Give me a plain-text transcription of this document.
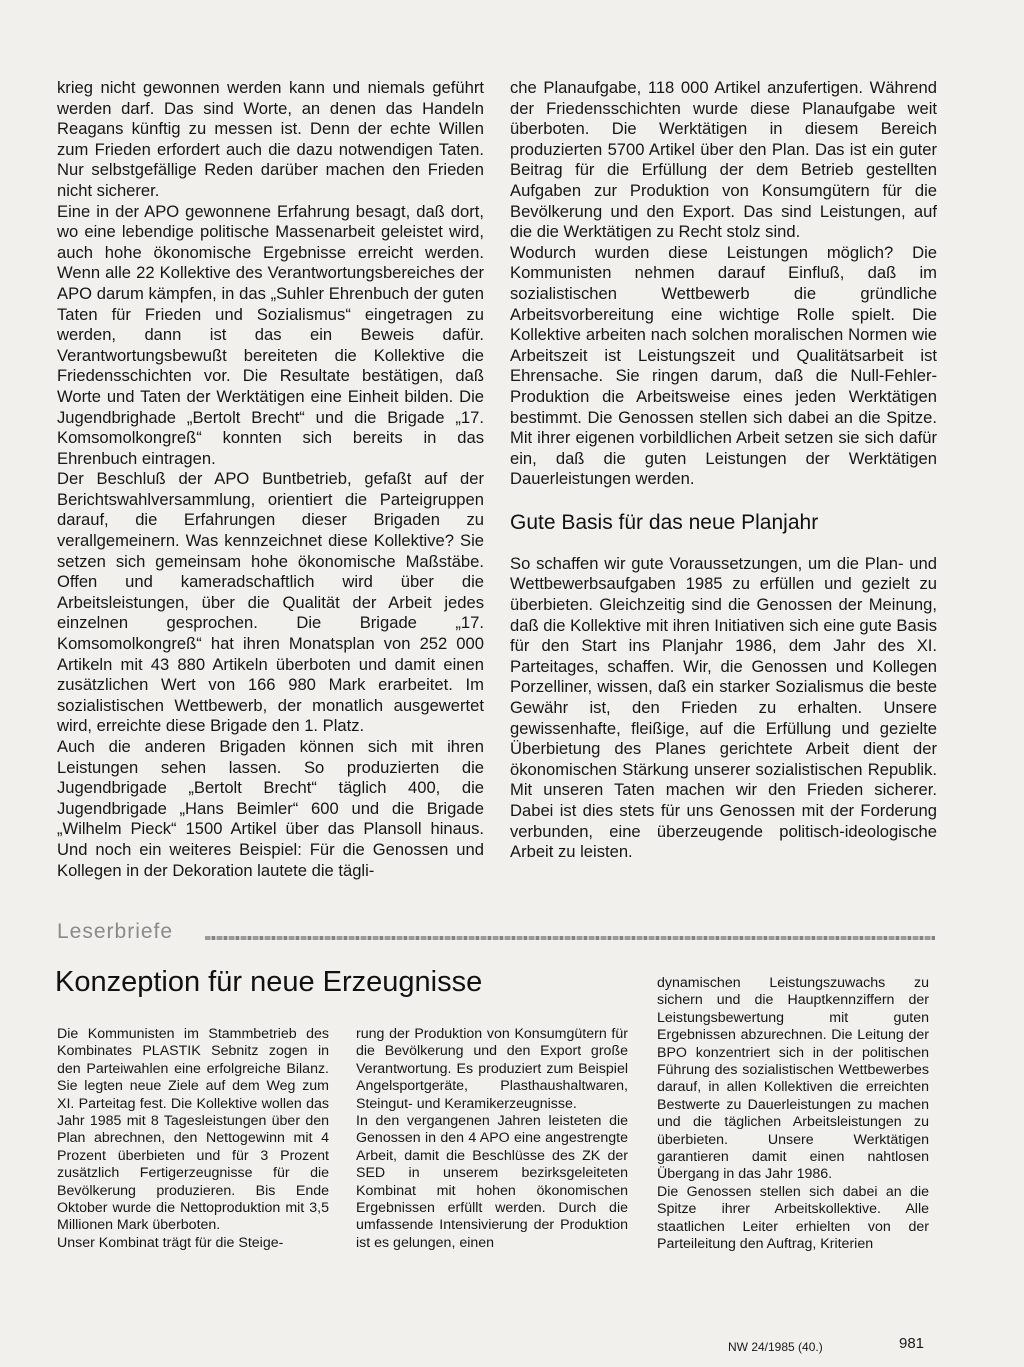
krieg nicht gewonnen werden kann und niemals geführt werden darf. Das sind Worte, an denen das Handeln Reagans künftig zu messen ist. Denn der echte Willen zum Frieden erfordert auch die dazu notwendigen Taten. Nur selbstgefällige Reden darüber machen den Frieden nicht sicherer.

Eine in der APO gewonnene Erfahrung besagt, daß dort, wo eine lebendige politische Massenarbeit geleistet wird, auch hohe ökonomische Ergebnisse erreicht werden. Wenn alle 22 Kollektive des Verantwortungsbereiches der APO darum kämpfen, in das „Suhler Ehrenbuch der guten Taten für Frieden und Sozialismus“ eingetragen zu werden, dann ist das ein Beweis dafür. Verantwortungsbewußt bereiteten die Kollektive die Friedensschichten vor. Die Resultate bestätigen, daß Worte und Taten der Werktätigen eine Einheit bilden. Die Jugendbrighade „Bertolt Brecht“ und die Brigade „17. Komsomolkongreß“ konnten sich bereits in das Ehrenbuch eintragen.

Der Beschluß der APO Buntbetrieb, gefaßt auf der Berichtswahlversammlung, orientiert die Parteigruppen darauf, die Erfahrungen dieser Brigaden zu verallgemeinern. Was kennzeichnet diese Kollektive? Sie setzen sich gemeinsam hohe ökonomische Maßstäbe. Offen und kameradschaftlich wird über die Arbeitsleistungen, über die Qualität der Arbeit jedes einzelnen gesprochen. Die Brigade „17. Komsomolkongreß“ hat ihren Monatsplan von 252 000 Artikeln mit 43 880 Artikeln überboten und damit einen zusätzlichen Wert von 166 980 Mark erarbeitet. Im sozialistischen Wettbewerb, der monatlich ausgewertet wird, erreichte diese Brigade den 1. Platz.

Auch die anderen Brigaden können sich mit ihren Leistungen sehen lassen. So produzierten die Jugendbrigade „Bertolt Brecht“ täglich 400, die Jugendbrigade „Hans Beimler“ 600 und die Brigade „Wilhelm Pieck“ 1500 Artikel über das Plansoll hinaus. Und noch ein weiteres Beispiel: Für die Genossen und Kollegen in der Dekoration lautete die tägli-

che Planaufgabe, 118 000 Artikel anzufertigen. Während der Friedensschichten wurde diese Planaufgabe weit überboten. Die Werktätigen in diesem Bereich produzierten 5700 Artikel über den Plan. Das ist ein guter Beitrag für die Erfüllung der dem Betrieb gestellten Aufgaben zur Produktion von Konsumgütern für die Bevölkerung und den Export. Das sind Leistungen, auf die die Werktätigen zu Recht stolz sind.

Wodurch wurden diese Leistungen möglich? Die Kommunisten nehmen darauf Einfluß, daß im sozialistischen Wettbewerb die gründliche Arbeitsvorbereitung eine wichtige Rolle spielt. Die Kollektive arbeiten nach solchen moralischen Normen wie Arbeitszeit ist Leistungszeit und Qualitätsarbeit ist Ehrensache. Sie ringen darum, daß die Null-Fehler-Produktion die Arbeitsweise eines jeden Werktätigen bestimmt. Die Genossen stellen sich dabei an die Spitze. Mit ihrer eigenen vorbildlichen Arbeit setzen sie sich dafür ein, daß die guten Leistungen der Werktätigen Dauerleistungen werden.

Gute Basis für das neue Planjahr

So schaffen wir gute Voraussetzungen, um die Plan- und Wettbewerbsaufgaben 1985 zu erfüllen und gezielt zu überbieten. Gleichzeitig sind die Genossen der Meinung, daß die Kollektive mit ihren Initiativen sich eine gute Basis für den Start ins Planjahr 1986, dem Jahr des XI. Parteitages, schaffen. Wir, die Genossen und Kollegen Porzelliner, wissen, daß ein starker Sozialismus die beste Gewähr ist, den Frieden zu erhalten. Unsere gewissenhafte, fleißige, auf die Erfüllung und gezielte Überbietung des Planes gerichtete Arbeit dient der ökonomischen Stärkung unserer sozialistischen Republik. Mit unseren Taten machen wir den Frieden sicherer. Dabei ist dies stets für uns Genossen mit der Forderung verbunden, eine überzeugende politisch-ideologische Arbeit zu leisten.

Leserbriefe
Konzeption für neue Erzeugnisse

Die Kommunisten im Stammbetrieb des Kombinates PLASTIK Sebnitz zogen in den Parteiwahlen eine erfolgreiche Bilanz. Sie legten neue Ziele auf dem Weg zum XI. Parteitag fest. Die Kollektive wollen das Jahr 1985 mit 8 Tagesleistungen über den Plan abrechnen, den Nettogewinn mit 4 Prozent überbieten und für 3 Prozent zusätzlich Fertigerzeugnisse für die Bevölkerung produzieren. Bis Ende Oktober wurde die Nettoproduktion mit 3,5 Millionen Mark überboten.

Unser Kombinat trägt für die Steige-

rung der Produktion von Konsumgütern für die Bevölkerung und den Export große Verantwortung. Es produziert zum Beispiel Angelsportgeräte, Plasthaushaltwaren, Steingut- und Keramikerzeugnisse.

In den vergangenen Jahren leisteten die Genossen in den 4 APO eine angestrengte Arbeit, damit die Beschlüsse des ZK der SED in unserem bezirksgeleiteten Kombinat mit hohen ökonomischen Ergebnissen erfüllt werden. Durch die umfassende Intensivierung der Produktion ist es gelungen, einen

dynamischen Leistungszuwachs zu sichern und die Hauptkennziffern der Leistungsbewertung mit guten Ergebnissen abzurechnen. Die Leitung der BPO konzentriert sich in der politischen Führung des sozialistischen Wettbewerbes darauf, in allen Kollektiven die erreichten Bestwerte zu Dauerleistungen zu machen und die täglichen Arbeitsleistungen zu überbieten. Unsere Werktätigen garantieren damit einen nahtlosen Übergang in das Jahr 1986.

Die Genossen stellen sich dabei an die Spitze ihrer Arbeitskollektive. Alle staatlichen Leiter erhielten von der Parteileitung den Auftrag, Kriterien

NW 24/1985 (40.)	981
